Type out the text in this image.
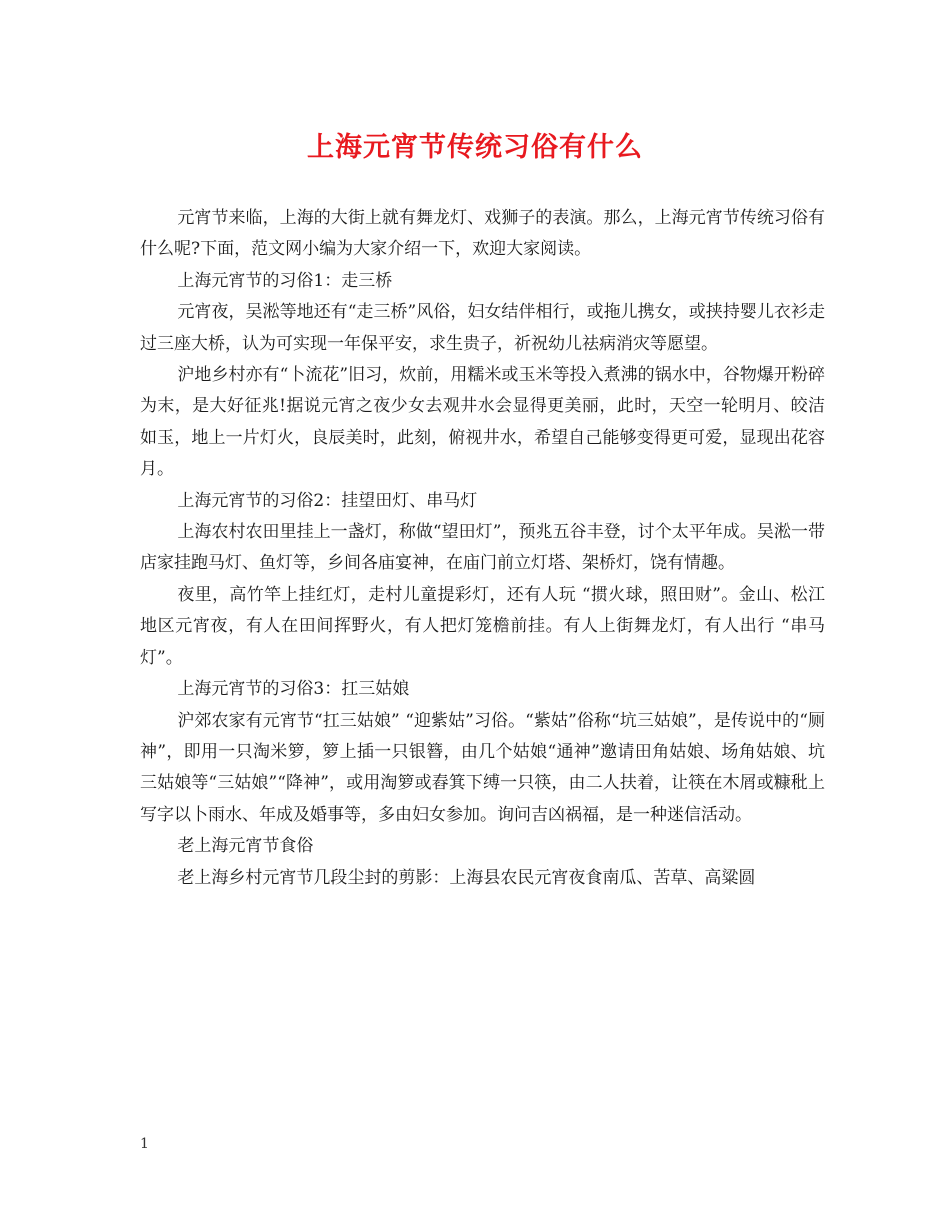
上海元宵节传统习俗有什么

元宵节来临，上海的大街上就有舞龙灯、戏狮子的表演。那么，上海元宵节传统习俗有什么呢?下面，范文网小编为大家介绍一下，欢迎大家阅读。

上海元宵节的习俗1：走三桥

元宵夜，吴淞等地还有“走三桥”风俗，妇女结伴相行，或拖儿携女，或挟持婴儿衣衫走过三座大桥，认为可实现一年保平安，求生贵子，祈祝幼儿祛病消灾等愿望。

沪地乡村亦有“卜流花”旧习，炊前，用糯米或玉米等投入煮沸的锅水中，谷物爆开粉碎为末，是大好征兆!据说元宵之夜少女去观井水会显得更美丽，此时，天空一轮明月、皎洁如玉，地上一片灯火，良辰美时，此刻，俯视井水，希望自己能够变得更可爱，显现出花容月。

上海元宵节的习俗2：挂望田灯、串马灯

上海农村农田里挂上一盏灯，称做“望田灯”，预兆五谷丰登，讨个太平年成。吴淞一带店家挂跑马灯、鱼灯等，乡间各庙宴神，在庙门前立灯塔、架桥灯，饶有情趣。

夜里，高竹竿上挂红灯，走村儿童提彩灯，还有人玩 “掼火球，照田财”。金山、松江地区元宵夜，有人在田间挥野火，有人把灯笼檐前挂。有人上街舞龙灯，有人出行 “串马灯”。

上海元宵节的习俗3：扛三姑娘

沪郊农家有元宵节“扛三姑娘” “迎紫姑”习俗。“紫姑”俗称“坑三姑娘”，是传说中的“厕神”，即用一只淘米箩，箩上插一只银簪，由几个姑娘“通神”邀请田角姑娘、场角姑娘、坑三姑娘等“三姑娘”“降神”，或用淘箩或舂箕下缚一只筷，由二人扶着，让筷在木屑或糠秕上写字以卜雨水、年成及婚事等，多由妇女参加。询问吉凶祸福，是一种迷信活动。

老上海元宵节食俗

老上海乡村元宵节几段尘封的剪影：上海县农民元宵夜食南瓜、苦草、高粱圆

1
